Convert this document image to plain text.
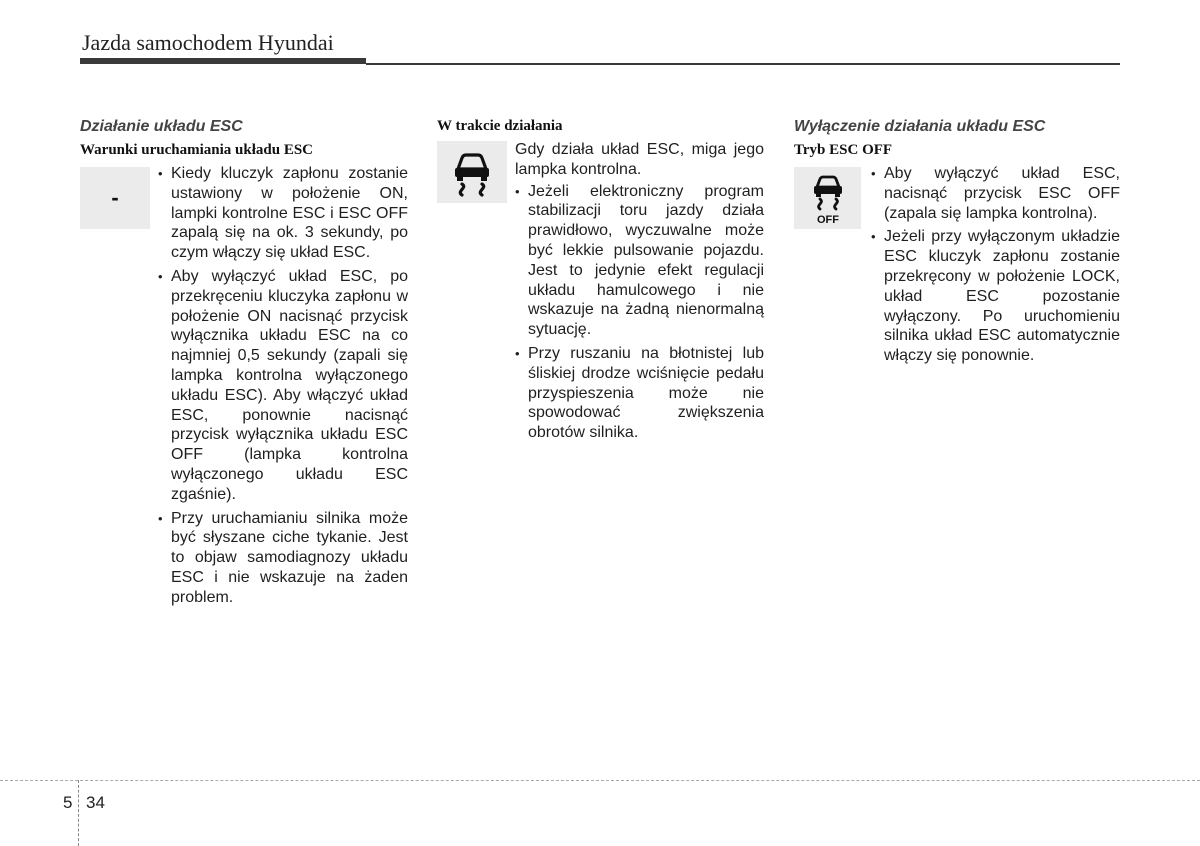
Jazda samochodem Hyundai
Działanie układu ESC
Warunki uruchamiania układu ESC
-
• Kiedy kluczyk zapłonu zostanie ustawiony w położenie ON, lampki kontrolne ESC i ESC OFF zapalą się na ok. 3 sekundy, po czym włączy się układ ESC.
• Aby wyłączyć układ ESC, po przekręceniu kluczyka zapłonu w położenie ON nacisnąć przycisk wyłącznika układu ESC na co najmniej 0,5 sekundy (zapali się lampka kontrolna wyłączonego układu ESC). Aby włączyć układ ESC, ponownie nacisnąć przycisk wyłącznika układu ESC OFF (lampka kontrolna wyłączonego układu ESC zgaśnie).
• Przy uruchamianiu silnika może być słyszane ciche tykanie. Jest to objaw samodiagnozy układu ESC i nie wskazuje na żaden problem.
W trakcie działania

Gdy działa układ ESC, miga jego lampka kontrolna.

• Jeżeli elektroniczny program stabilizacji toru jazdy działa prawidłowo, wyczuwalne może być lekkie pulsowanie pojazdu. Jest to jedynie efekt regulacji układu hamulcowego i nie wskazuje na żadną nienormalną sytuację.
• Przy ruszaniu na błotnistej lub śliskiej drodze wciśnięcie pedału przyspieszenia może nie spowodować zwiększenia obrotów silnika.
Wyłączenie działania układu ESC
Tryb ESC OFF
OFF
• Aby wyłączyć układ ESC, nacisnąć przycisk ESC OFF (zapala się lampka kontrolna).
• Jeżeli przy wyłączonym układzie ESC kluczyk zapłonu zostanie przekręcony w położenie LOCK, układ ESC pozostanie wyłączony. Po uruchomieniu silnika układ ESC automatycznie włączy się ponownie.
5 34
